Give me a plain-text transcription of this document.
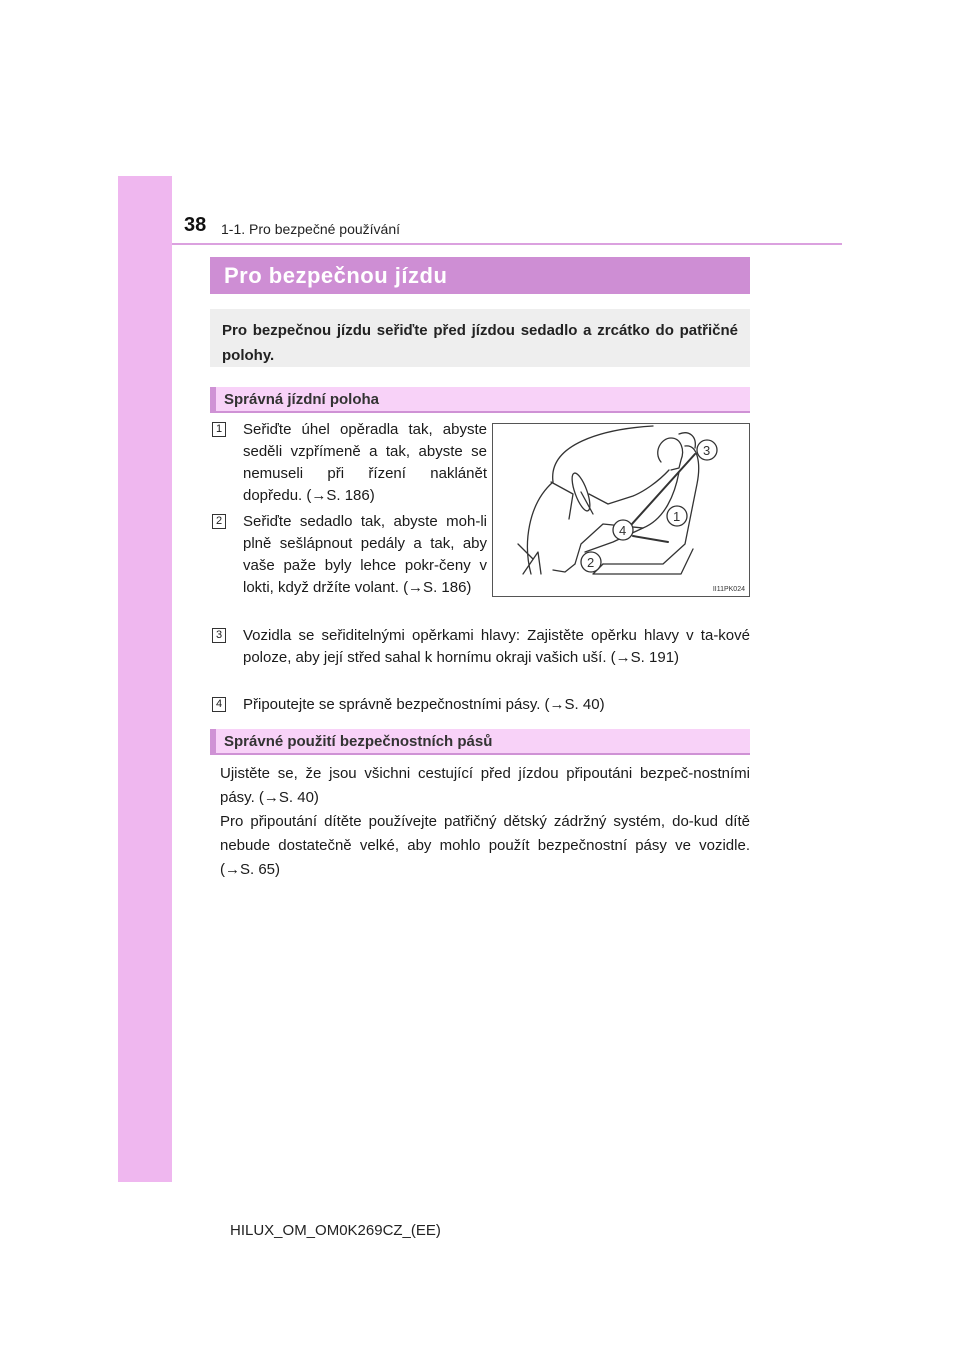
38 1-1. Pro bezpečné používání
Pro bezpečnou jízdu
Pro bezpečnou jízdu seřiďte před jízdou sedadlo a zrcátko do patřičné polohy.
Správná jízdní poloha
1 Seřiďte úhel opěradla tak, abyste seděli vzpřímeně a tak, abyste se nemuseli při řízení naklánět dopředu. (→S. 186)
2 Seřiďte sedadlo tak, abyste moh-li plně sešlápnout pedály a tak, aby vaše paže byly lehce pokr-čeny v lokti, když držíte volant. (→S. 186)
3
1
4
2
II11PK024
3 Vozidla se seřiditelnými opěrkami hlavy: Zajistěte opěrku hlavy v ta-kové poloze, aby její střed sahal k hornímu okraji vašich uší. (→S. 191)
4 Připoutejte se správně bezpečnostními pásy. (→S. 40)
Správné použití bezpečnostních pásů
Ujistěte se, že jsou všichni cestující před jízdou připoutáni bezpeč-nostními pásy. (→S. 40)
Pro připoutání dítěte používejte patřičný dětský zádržný systém, do-kud dítě nebude dostatečně velké, aby mohlo použít bezpečnostní pásy ve vozidle. (→S. 65)
HILUX_OM_OM0K269CZ_(EE)
